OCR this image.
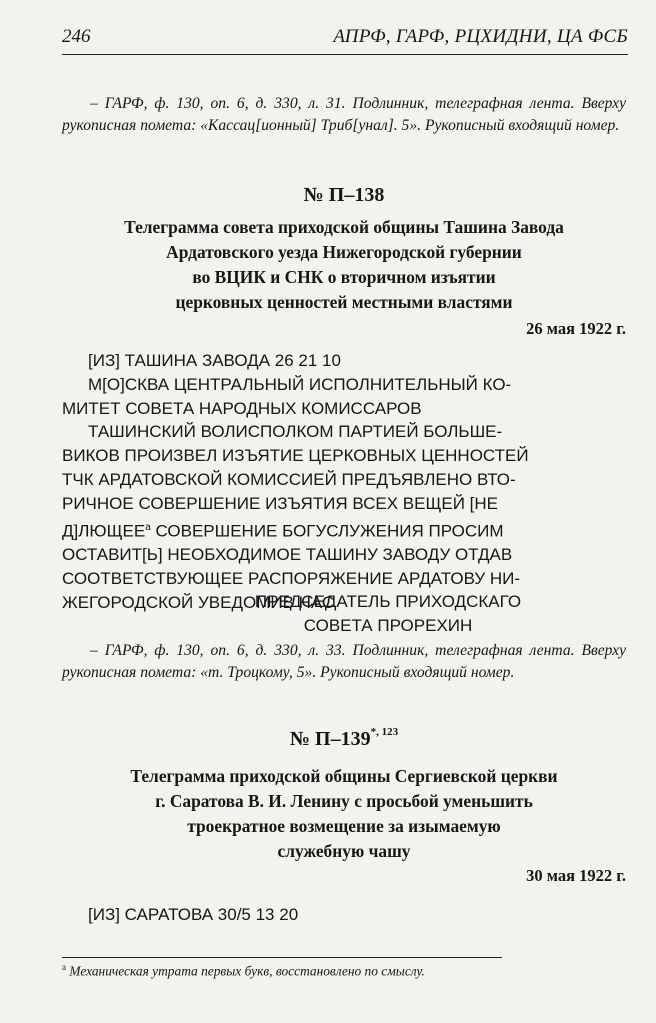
246	АПРФ, ГАРФ, РЦХИДНИ, ЦА ФСБ
– ГАРФ, ф. 130, оп. 6, д. 330, л. 31. Подлинник, телеграфная лента. Вверху рукописная помета: «Кассац[ионный] Триб[унал]. 5». Рукописный входящий номер.
№ П–138
Телеграмма совета приходской общины Ташина Завода
Ардатовского уезда Нижегородской губернии
во ВЦИК и СНК о вторичном изъятии
церковных ценностей местными властями
26 мая 1922 г.
[ИЗ] ТАШИНА ЗАВОДА 26 21 10
М[О]СКВА ЦЕНТРАЛЬНЫЙ ИСПОЛНИТЕЛЬНЫЙ КО-
МИТЕТ СОВЕТА НАРОДНЫХ КОМИССАРОВ
ТАШИНСКИЙ ВОЛИСПОЛКОМ ПАРТИЕЙ БОЛЬШЕ-
ВИКОВ ПРОИЗВЕЛ ИЗЪЯТИЕ ЦЕРКОВНЫХ ЦЕННОСТЕЙ
ТЧК АРДАТОВСКОЙ КОМИССИЕЙ ПРЕДЪЯВЛЕНО ВТО-
РИЧНОЕ СОВЕРШЕНИЕ ИЗЪЯТИЯ ВСЕХ ВЕЩЕЙ [НЕ
$Д]ЛЮЩЕЕ^а$ СОВЕРШЕНИЕ БОГУСЛУЖЕНИЯ ПРОСИМ
ОСТАВИТ[Ь] НЕОБХОДИМОЕ ТАШИНУ ЗАВОДУ ОТДАВ
СООТВЕТСТВУЮЩЕЕ РАСПОРЯЖЕНИЕ АРДАТОВУ НИ-
ЖЕГОРОДСКОЙ УВЕДОМИВ НАС
ПРЕДСЕДАТЕЛЬ ПРИХОДСКАГО
СОВЕТА ПРОРЕХИН
– ГАРФ, ф. 130, оп. 6, д. 330, л. 33. Подлинник, телеграфная лента. Вверху рукописная помета: «т. Троцкому, 5». Рукописный входящий номер.
№ $П-139^{*, 123}$
Телеграмма приходской общины Сергиевской церкви
г. Саратова В. И. Ленину с просьбой уменьшить
троекратное возмещение за изымаемую
служебную чашу
30 мая 1922 г.
[ИЗ] САРАТОВА 30/5 13 20
$^а$ Механическая утрата первых букв, восстановлено по смыслу.
